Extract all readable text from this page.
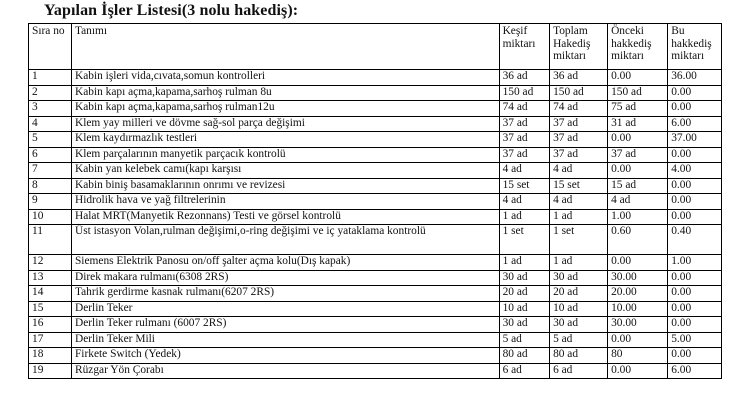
Yapılan İşler Listesi(3 nolu hakediş):
Sıra no	Tanımı	Keşif miktarı	Toplam Hakediş miktarı	Önceki hakkediş miktarı	Bu hakkediş miktarı
1	Kabin işleri vida,cıvata,somun kontrolleri	36 ad	36 ad	0.00	36.00
2	Kabin kapı açma,kapama,sarhoş rulman 8u	150 ad	150 ad	150 ad	0.00
3	Kabin kapı açma,kapama,sarhoş rulman12u	74 ad	74 ad	75 ad	0.00
4	Klem yay milleri ve dövme sağ-sol parça değişimi	37 ad	37 ad	31 ad	6.00
5	Klem kaydırmazlık testleri	37 ad	37 ad	0.00	37.00
6	Klem parçalarının manyetik parçacık kontrolü	37 ad	37 ad	37 ad	0.00
7	Kabin yan kelebek camı(kapı karşısı	4 ad	4 ad	0.00	4.00
8	Kabin biniş basamaklarının onrımı ve revizesi	15 set	15 set	15 ad	0.00
9	Hidrolik hava ve yağ filtrelerinin	4 ad	4 ad	4 ad	0.00
10	Halat MRT(Manyetik Rezonnans) Testi ve görsel kontrolü	1 ad	1 ad	1.00	0.00
11	Üst istasyon Volan,rulman değişimi,o-ring değişimi ve iç yataklama kontrolü	1 set	1 set	0.60	0.40
12	Siemens Elektrik Panosu on/off şalter açma kolu(Dış kapak)	1 ad	1 ad	0.00	1.00
13	Direk makara rulmanı(6308 2RS)	30 ad	30 ad	30.00	0.00
14	Tahrik gerdirme kasnak rulmanı(6207 2RS)	20 ad	20 ad	20.00	0.00
15	Derlin Teker	10 ad	10 ad	10.00	0.00
16	Derlin Teker rulmanı (6007 2RS)	30 ad	30 ad	30.00	0.00
17	Derlin Teker Mili	5 ad	5 ad	0.00	5.00
18	Firkete Switch (Yedek)	80 ad	80 ad	80	0.00
19	Rüzgar Yön Çorabı	6 ad	6 ad	0.00	6.00
